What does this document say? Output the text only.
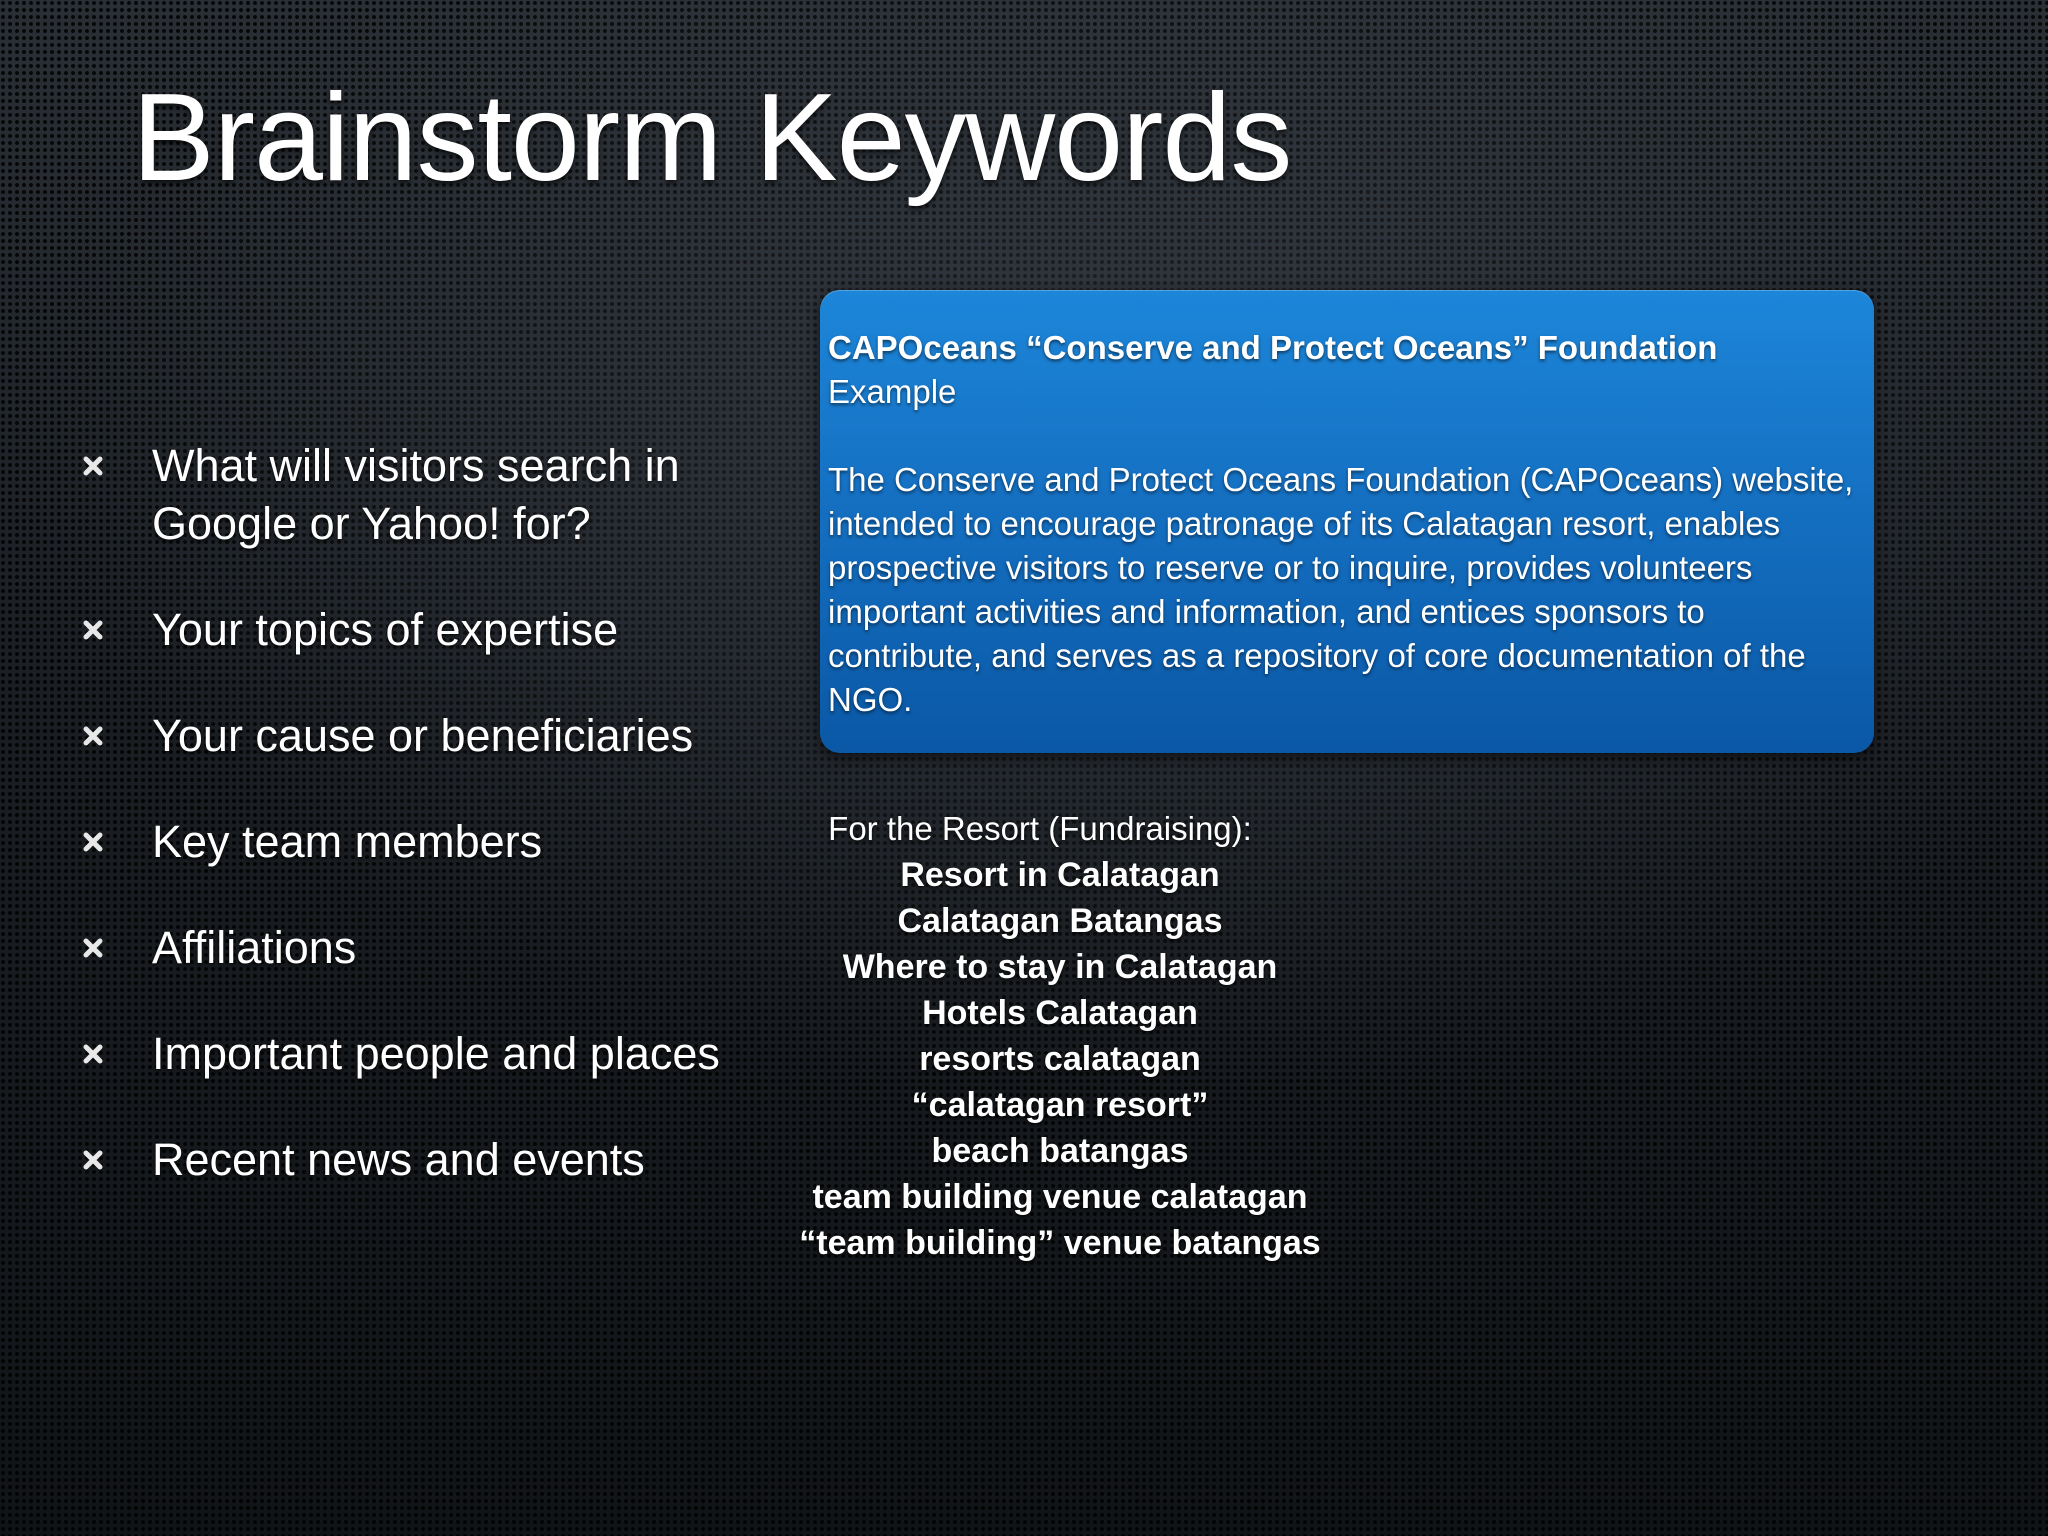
Brainstorm Keywords
What will visitors search in Google or Yahoo! for?
Your topics of expertise
Your cause or beneficiaries
Key team members
Affiliations
Important people and places
Recent news and events
CAPOceans “Conserve and Protect Oceans” Foundation
Example
The Conserve and Protect Oceans Foundation (CAPOceans) website, intended to encourage patronage of its Calatagan resort, enables prospective visitors to reserve or to inquire, provides volunteers important activities and information, and entices sponsors to contribute, and serves as a repository of core documentation of the NGO.
For the Resort (Fundraising):
Resort in Calatagan
Calatagan Batangas
Where to stay in Calatagan
Hotels Calatagan
resorts calatagan
“calatagan resort”
beach batangas
team building venue calatagan
“team building” venue batangas
